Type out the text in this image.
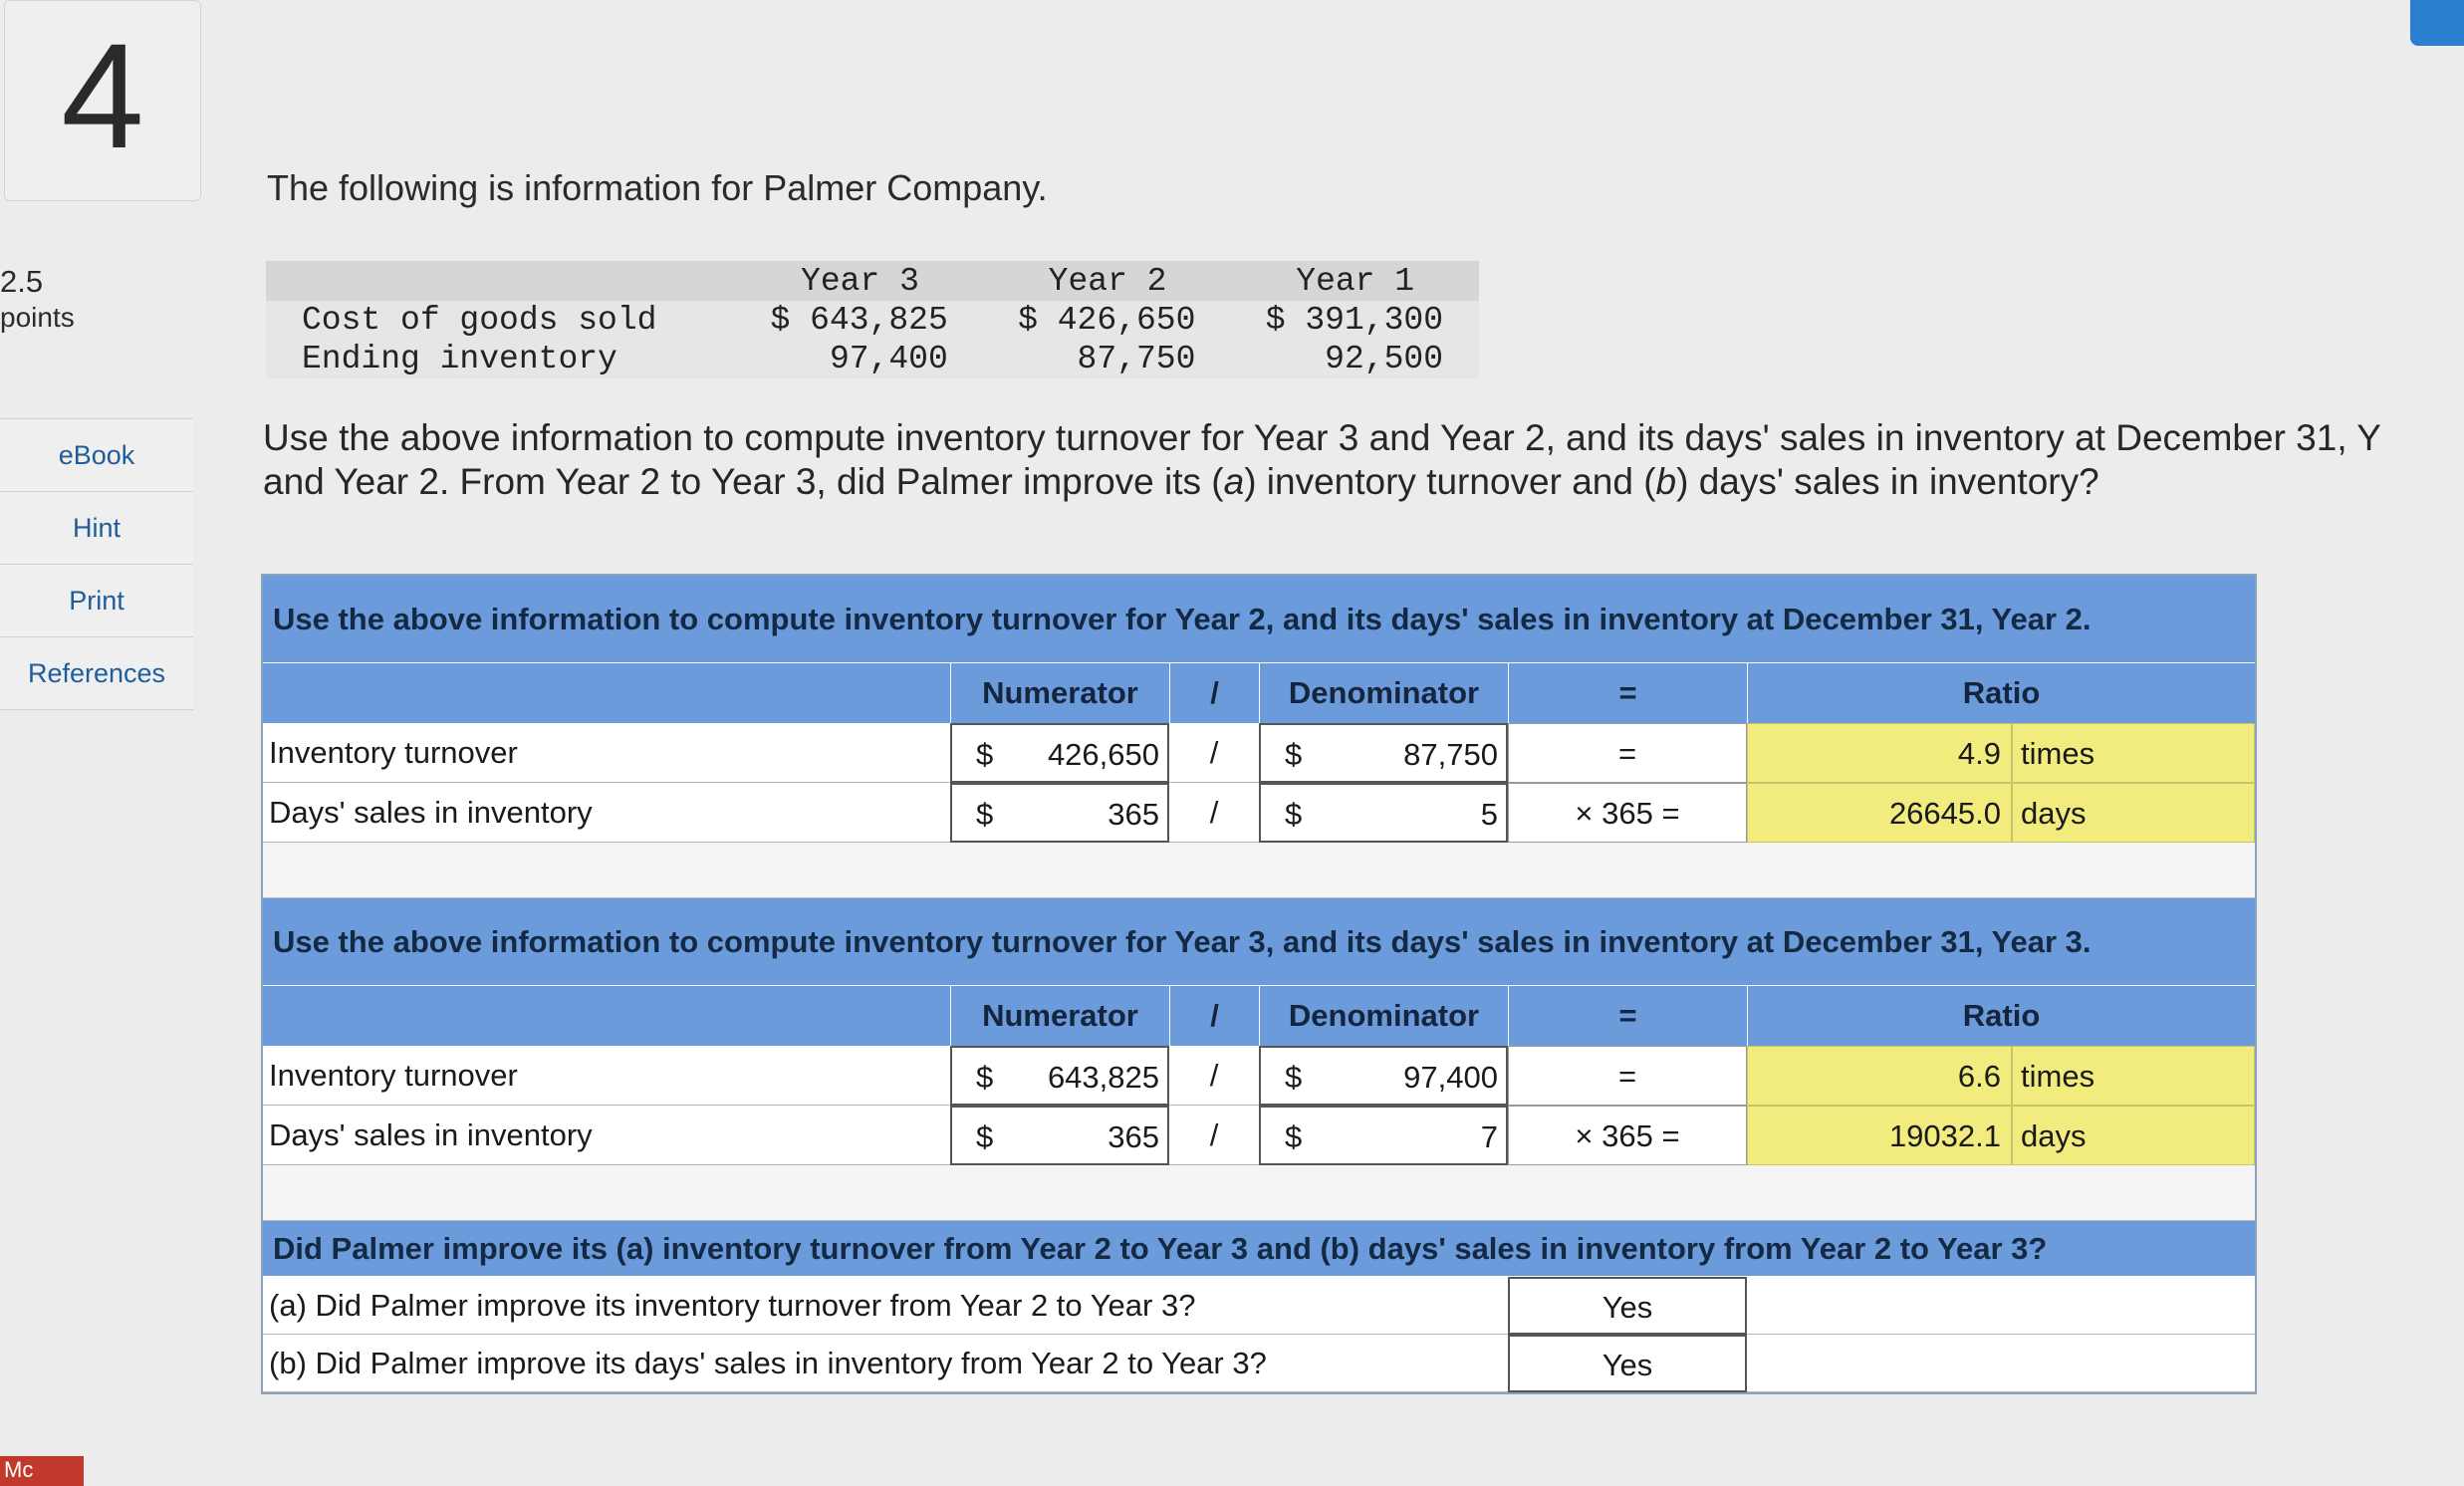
4
2.5
points
eBook
Hint
Print
References
Mc
The following is information for Palmer Company.
	Year 3	Year 2	Year 1
Cost of goods sold	$ 643,825	$ 426,650	$ 391,300
Ending inventory	97,400	87,750	92,500
Use the above information to compute inventory turnover for Year 3 and Year 2, and its days' sales in inventory at December 31, Y
and Year 2. From Year 2 to Year 3, did Palmer improve its (a) inventory turnover and (b) days' sales in inventory?
Use the above information to compute inventory turnover for Year 2, and its days' sales in inventory at December 31, Year 2.
Numerator	/	Denominator	=	Ratio
Inventory turnover	$ 426,650	/	$	87,750	=	4.9 times
Days' sales in inventory	$	365	/	$	5	× 365 =	26645.0 days
Use the above information to compute inventory turnover for Year 3, and its days' sales in inventory at December 31, Year 3.
Numerator	/	Denominator	=	Ratio
Inventory turnover	$ 643,825	/	$	97,400	=	6.6 times
Days' sales in inventory	$	365	/	$	7	× 365 =	19032.1 days
Did Palmer improve its (a) inventory turnover from Year 2 to Year 3 and (b) days' sales in inventory from Year 2 to Year 3?
(a) Did Palmer improve its inventory turnover from Year 2 to Year 3?	Yes
(b) Did Palmer improve its days' sales in inventory from Year 2 to Year 3?	Yes
